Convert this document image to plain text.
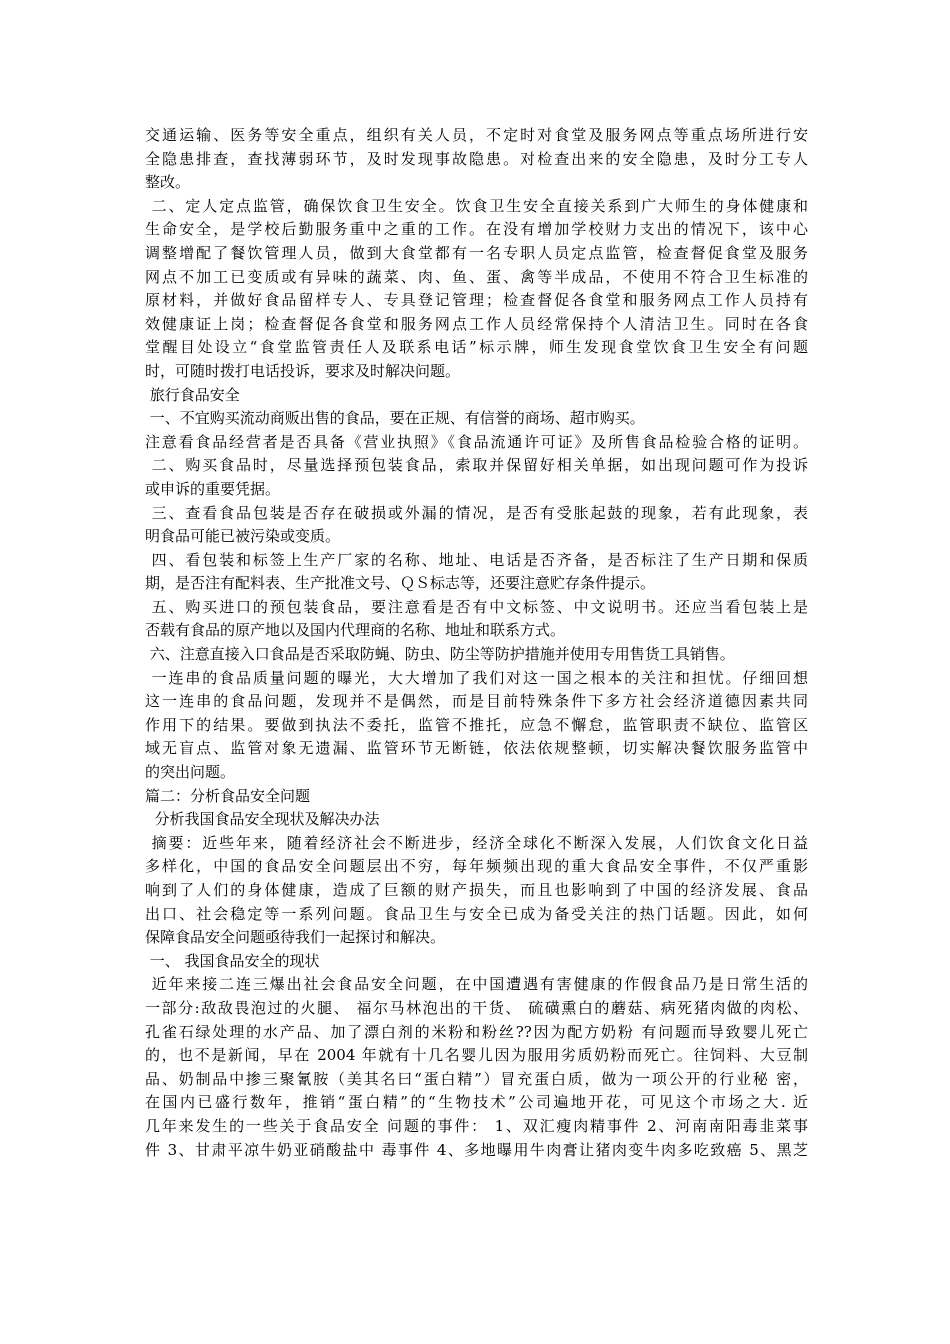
交通运输、医务等安全重点，组织有关人员，不定时对食堂及服务网点等重点场所进行安
全隐患排查，查找薄弱环节，及时发现事故隐患。对检查出来的安全隐患，及时分工专人
整改。
二、定人定点监管，确保饮食卫生安全。饮食卫生安全直接关系到广大师生的身体健康和
生命安全，是学校后勤服务重中之重的工作。在没有增加学校财力支出的情况下，该中心
调整增配了餐饮管理人员，做到大食堂都有一名专职人员定点监管，检查督促食堂及服务
网点不加工已变质或有异味的蔬菜、肉、鱼、蛋、禽等半成品，不使用不符合卫生标准的
原材料，并做好食品留样专人、专具登记管理；检查督促各食堂和服务网点工作人员持有
效健康证上岗；检查督促各食堂和服务网点工作人员经常保持个人清洁卫生。同时在各食
堂醒目处设立“食堂监管责任人及联系电话”标示牌，师生发现食堂饮食卫生安全有问题
时，可随时拨打电话投诉，要求及时解决问题。
旅行食品安全
一、不宜购买流动商贩出售的食品，要在正规、有信誉的商场、超市购买。
注意看食品经营者是否具备《营业执照》《食品流通许可证》及所售食品检验合格的证明。
二、购买食品时，尽量选择预包装食品，索取并保留好相关单据，如出现问题可作为投诉
或申诉的重要凭据。
三、查看食品包装是否存在破损或外漏的情况，是否有受胀起鼓的现象，若有此现象，表
明食品可能已被污染或变质。
四、看包装和标签上生产厂家的名称、地址、电话是否齐备，是否标注了生产日期和保质
期，是否注有配料表、生产批准文号、ＱＳ标志等，还要注意贮存条件提示。
五、购买进口的预包装食品，要注意看是否有中文标签、中文说明书。还应当看包装上是
否载有食品的原产地以及国内代理商的名称、地址和联系方式。
六、注意直接入口食品是否采取防蝇、防虫、防尘等防护措施并使用专用售货工具销售。
一连串的食品质量问题的曝光，大大增加了我们对这一国之根本的关注和担忧。仔细回想
这一连串的食品问题，发现并不是偶然，而是目前特殊条件下多方社会经济道德因素共同
作用下的结果。要做到执法不委托，监管不推托，应急不懈怠，监管职责不缺位、监管区
域无盲点、监管对象无遗漏、监管环节无断链，依法依规整顿，切实解决餐饮服务监管中
的突出问题。
篇二：分析食品安全问题
分析我国食品安全现状及解决办法
摘要：近些年来，随着经济社会不断进步，经济全球化不断深入发展，人们饮食文化日益
多样化，中国的食品安全问题层出不穷，每年频频出现的重大食品安全事件，不仅严重影
响到了人们的身体健康，造成了巨额的财产损失，而且也影响到了中国的经济发展、食品
出口、社会稳定等一系列问题。食品卫生与安全已成为备受关注的热门话题。因此，如何
保障食品安全问题亟待我们一起探讨和解决。
一、 我国食品安全的现状
近年来接二连三爆出社会食品安全问题，在中国遭遇有害健康的作假食品乃是日常生活的
一部分:敌敌畏泡过的火腿、 福尔马林泡出的干货、 硫磺熏白的蘑菇、病死猪肉做的肉松、
孔雀石绿处理的水产品、加了漂白剂的米粉和粉丝??因为配方奶粉 有问题而导致婴儿死亡
的，也不是新闻，早在 2004 年就有十几名婴儿因为服用劣质奶粉而死亡。往饲料、大豆制
品、奶制品中掺三聚氰胺（美其名曰“蛋白精”）冒充蛋白质，做为一项公开的行业秘 密，
在国内已盛行数年，推销“蛋白精”的“生物技术”公司遍地开花，可见这个市场之大. 近
几年来发生的一些关于食品安全 问题的事件： 1、双汇瘦肉精事件 2、河南南阳毒韭菜事
件 3、甘肃平凉牛奶亚硝酸盐中 毒事件 4、多地曝用牛肉膏让猪肉变牛肉多吃致癌 5、黑芝
